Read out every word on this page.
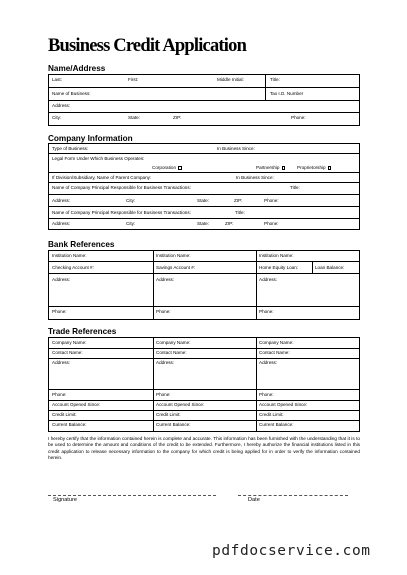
Business Credit Application
Name/Address
Last:	First:	Middle Initial:	Title:
Name of Business:	Tax I.D. Number
Address:
City:	State:	ZIP:	Phone:
Company Information
Type of Business:	In Business Since:
Legal Form Under Which Business Operates:
Corporation	Partnership	Proprietorship
If Division/Subsidiary, Name of Parent Company:	In Business Since:
Name of Company Principal Responsible for Business Transactions:	Title:
Address:	City:	State:	ZIP:	Phone:
Name of Company Principal Responsible for Business Transactions:	Title:
Address:	City:	State:	ZIP:	Phone:
Bank References
Institution Name:	Institution Name:	Institution Name:
Checking Account #:	Savings Account #:	Home Equity Loan:	Loan Balance:
Address:	Address:	Address:
Phone:	Phone:	Phone:
Trade References
Company Name:	Company Name:	Company Name:
Contact Name:	Contact Name:	Contact Name:
Address:	Address:	Address:
Phone:	Phone:	Phone:
Account Opened Since:	Account Opened Since:	Account Opened Since:
Credit Limit:	Credit Limit:	Credit Limit:
Current Balance:	Current Balance:	Current Balance:
I hereby certify that the information contained herein is complete and accurate. This information has been furnished with the understanding that it is to be used to determine the amount and conditions of the credit to be extended. Furthermore, I hereby authorize the financial institutions listed in this credit application to release necessary information to the company for which credit is being applied for in order to verify the information contained herein.
Signature	Date
pdfdocservice.com
